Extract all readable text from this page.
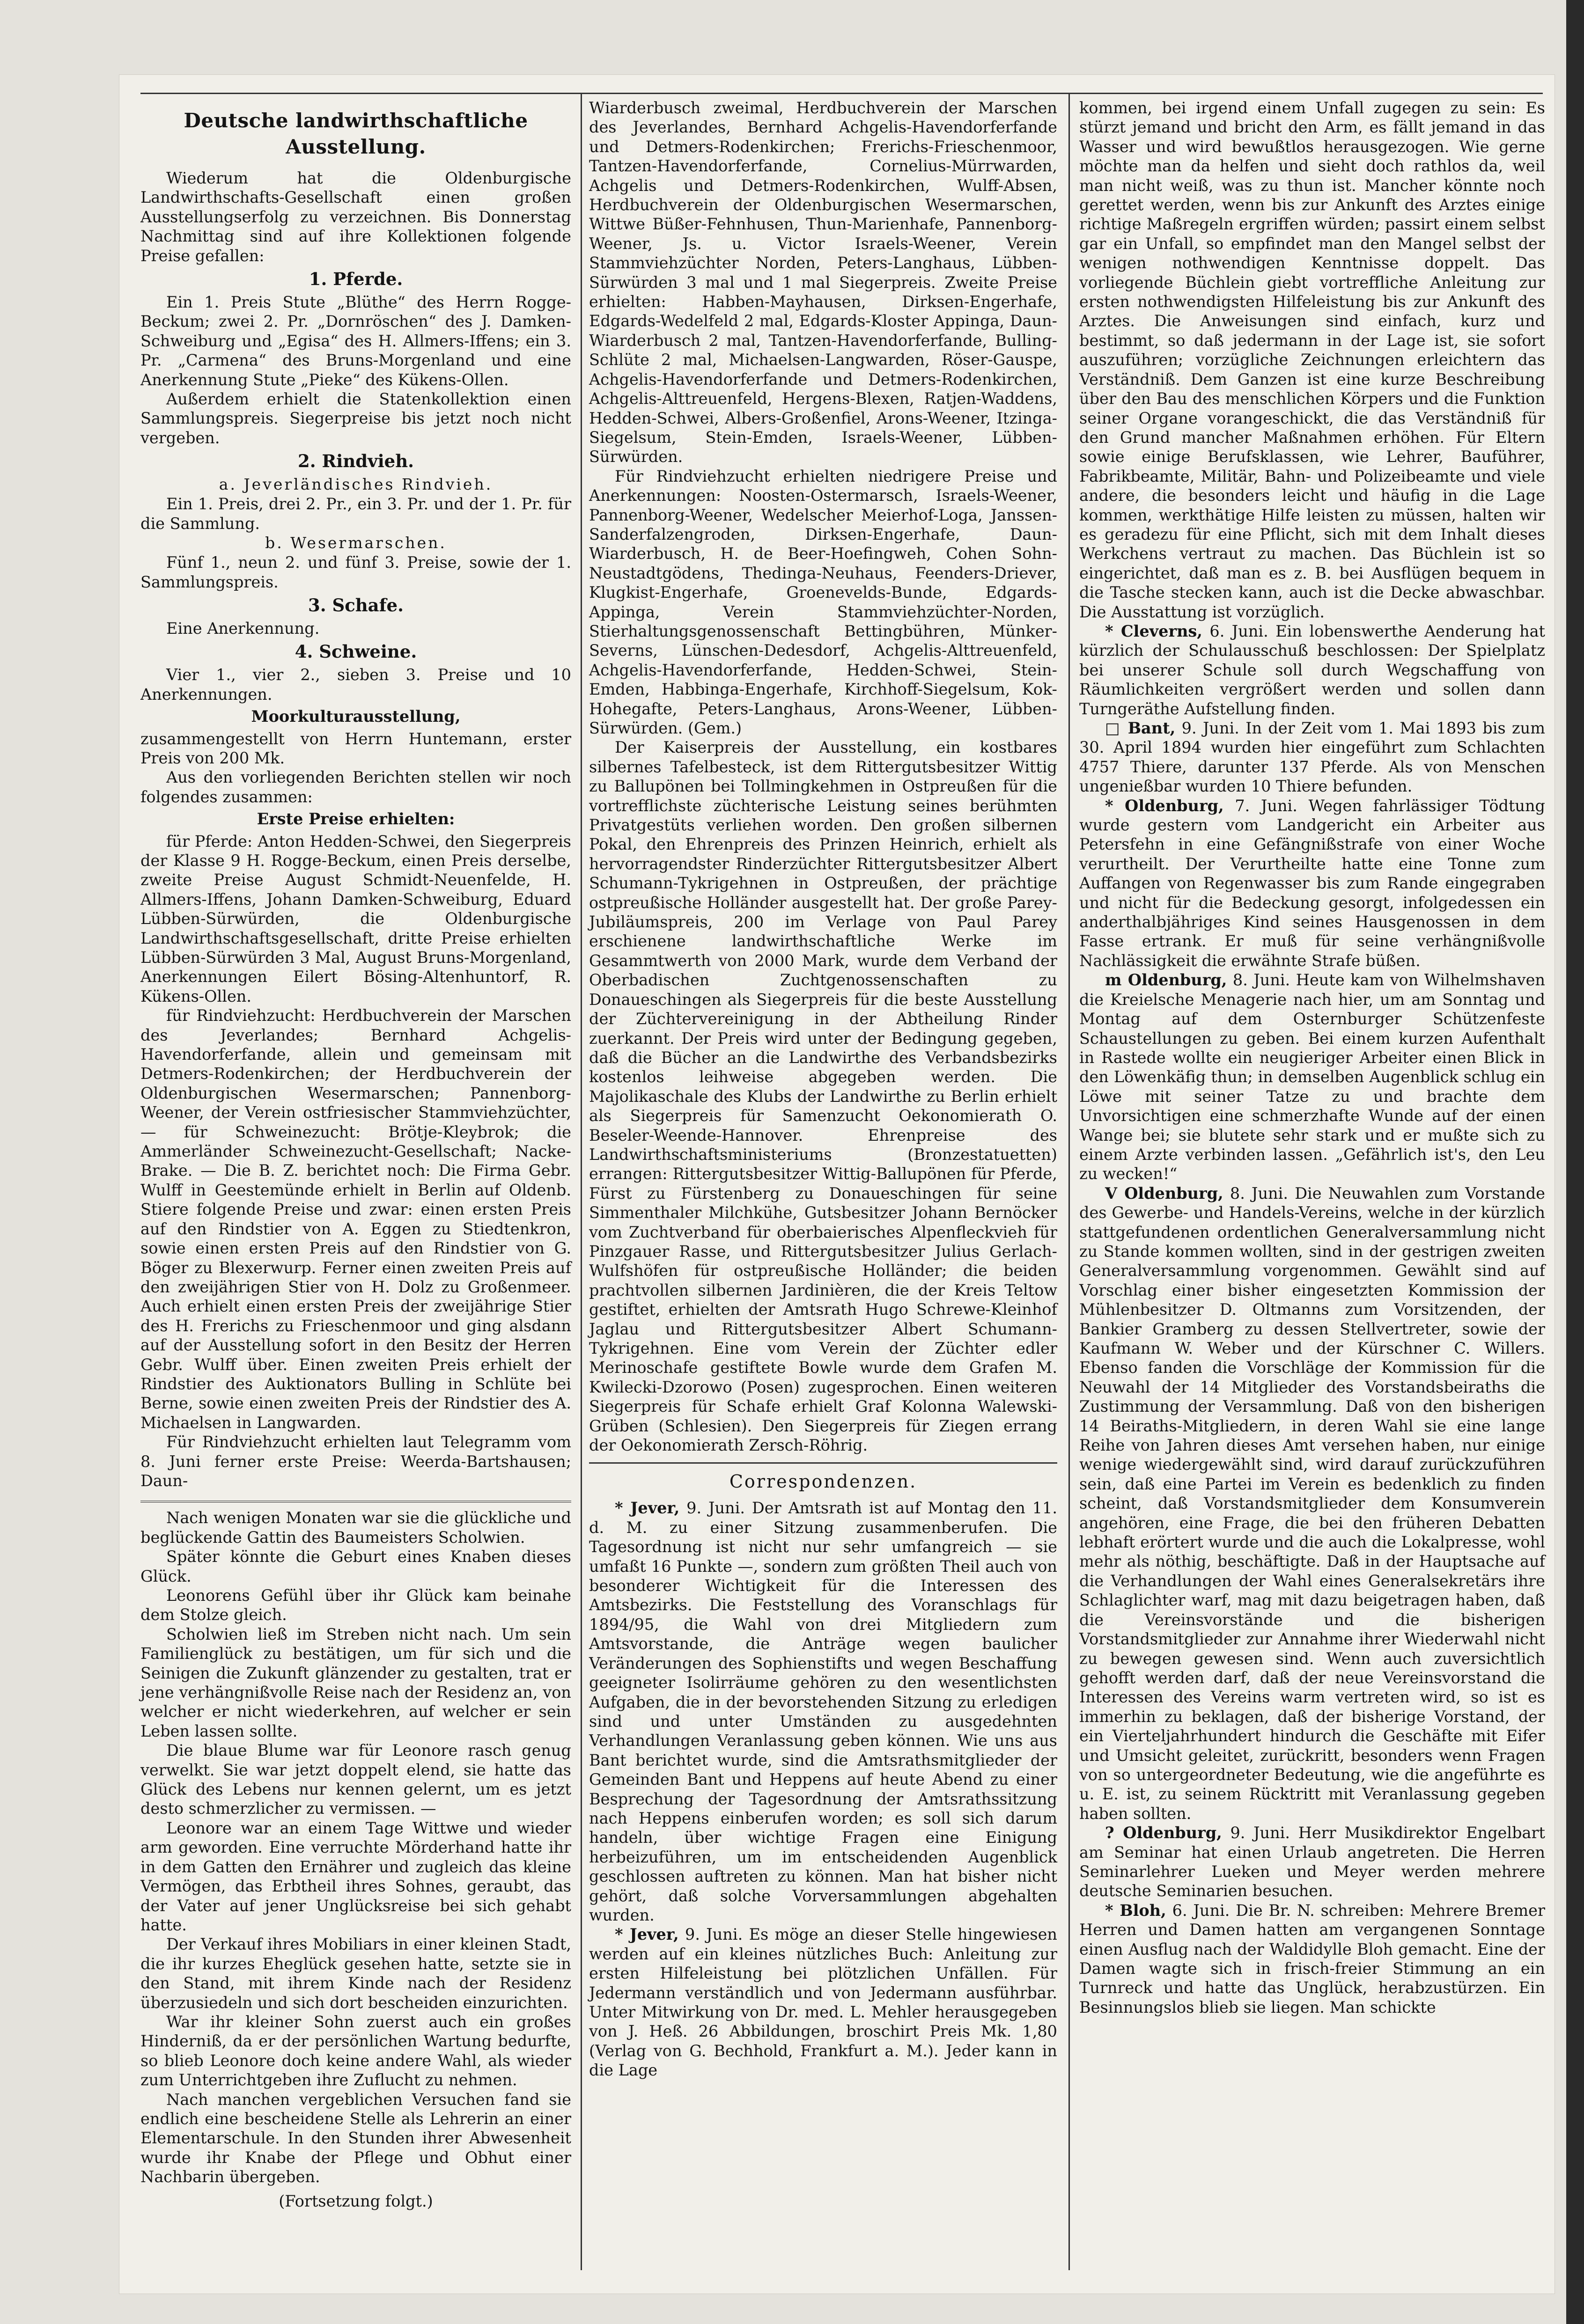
Deutsche landwirthschaftliche Ausstellung.

Wiederum hat die Oldenburgische Landwirthschafts-Gesellschaft einen großen Ausstellungserfolg zu verzeichnen. Bis Donnerstag Nachmittag sind auf ihre Kollektionen folgende Preise gefallen:

1. Pferde.

Ein 1. Preis Stute „Blüthe“ des Herrn Rogge-Beckum; zwei 2. Pr. „Dornröschen“ des J. Damken-Schweiburg und „Egisa“ des H. Allmers-Iffens; ein 3. Pr. „Carmena“ des Bruns-Morgenland und eine Anerkennung Stute „Pieke“ des Kükens-Ollen.

Außerdem erhielt die Statenkollektion einen Sammlungspreis. Siegerpreise bis jetzt noch nicht vergeben.

2. Rindvieh.
a. Jeverländisches Rindvieh.

Ein 1. Preis, drei 2. Pr., ein 3. Pr. und der 1. Pr. für die Sammlung.

b. Wesermarschen.

Fünf 1., neun 2. und fünf 3. Preise, sowie der 1. Sammlungspreis.

3. Schafe.

Eine Anerkennung.

4. Schweine.

Vier 1., vier 2., sieben 3. Preise und 10 Anerkennungen.

Moorkulturausstellung,

zusammengestellt von Herrn Huntemann, erster Preis von 200 Mk.

Aus den vorliegenden Berichten stellen wir noch folgendes zusammen:

Erste Preise erhielten:

für Pferde: Anton Hedden-Schwei, den Siegerpreis der Klasse 9 H. Rogge-Beckum, einen Preis derselbe, zweite Preise August Schmidt-Neuenfelde, H. Allmers-Iffens, Johann Damken-Schweiburg, Eduard Lübben-Sürwürden, die Oldenburgische Landwirthschaftsgesellschaft, dritte Preise erhielten Lübben-Sürwürden 3 Mal, August Bruns-Morgenland, Anerkennungen Eilert Bösing-Altenhuntorf, R. Kükens-Ollen.

für Rindviehzucht: Herdbuchverein der Marschen des Jeverlandes; Bernhard Achgelis-Havendorferfande, allein und gemeinsam mit Detmers-Rodenkirchen; der Herdbuchverein der Oldenburgischen Wesermarschen; Pannenborg-Weener, der Verein ostfriesischer Stammviehzüchter, — für Schweinezucht: Brötje-Kleybrok; die Ammerländer Schweinezucht-Gesellschaft; Nacke-Brake. — Die B. Z. berichtet noch: Die Firma Gebr. Wulff in Geestemünde erhielt in Berlin auf Oldenb. Stiere folgende Preise und zwar: einen ersten Preis auf den Rindstier von A. Eggen zu Stiedtenkron, sowie einen ersten Preis auf den Rindstier von G. Böger zu Blexerwurp. Ferner einen zweiten Preis auf den zweijährigen Stier von H. Dolz zu Großenmeer. Auch erhielt einen ersten Preis der zweijährige Stier des H. Frerichs zu Frieschenmoor und ging alsdann auf der Ausstellung sofort in den Besitz der Herren Gebr. Wulff über. Einen zweiten Preis erhielt der Rindstier des Auktionators Bulling in Schlüte bei Berne, sowie einen zweiten Preis der Rindstier des A. Michaelsen in Langwarden.

Für Rindviehzucht erhielten laut Telegramm vom 8. Juni ferner erste Preise: Weerda-Bartshausen; Daun-

Nach wenigen Monaten war sie die glückliche und beglückende Gattin des Baumeisters Scholwien.

Später könnte die Geburt eines Knaben dieses Glück.

Leonorens Gefühl über ihr Glück kam beinahe dem Stolze gleich.

Scholwien ließ im Streben nicht nach. Um sein Familienglück zu bestätigen, um für sich und die Seinigen die Zukunft glänzender zu gestalten, trat er jene verhängnißvolle Reise nach der Residenz an, von welcher er nicht wiederkehren, auf welcher er sein Leben lassen sollte.

Die blaue Blume war für Leonore rasch genug verwelkt. Sie war jetzt doppelt elend, sie hatte das Glück des Lebens nur kennen gelernt, um es jetzt desto schmerzlicher zu vermissen. —

Leonore war an einem Tage Wittwe und wieder arm geworden. Eine verruchte Mörderhand hatte ihr in dem Gatten den Ernährer und zugleich das kleine Vermögen, das Erbtheil ihres Sohnes, geraubt, das der Vater auf jener Unglücksreise bei sich gehabt hatte.

Der Verkauf ihres Mobiliars in einer kleinen Stadt, die ihr kurzes Eheglück gesehen hatte, setzte sie in den Stand, mit ihrem Kinde nach der Residenz überzusiedeln und sich dort bescheiden einzurichten.

War ihr kleiner Sohn zuerst auch ein großes Hinderniß, da er der persönlichen Wartung bedurfte, so blieb Leonore doch keine andere Wahl, als wieder zum Unterrichtgeben ihre Zuflucht zu nehmen.

Nach manchen vergeblichen Versuchen fand sie endlich eine bescheidene Stelle als Lehrerin an einer Elementarschule. In den Stunden ihrer Abwesenheit wurde ihr Knabe der Pflege und Obhut einer Nachbarin übergeben.

(Fortsetzung folgt.)

Wiarderbusch zweimal, Herdbuchverein der Marschen des Jeverlandes, Bernhard Achgelis-Havendorferfande und Detmers-Rodenkirchen; Frerichs-Frieschenmoor, Tantzen-Havendorferfande, Cornelius-Mürrwarden, Achgelis und Detmers-Rodenkirchen, Wulff-Absen, Herdbuchverein der Oldenburgischen Wesermarschen, Wittwe Büßer-Fehnhusen, Thun-Marienhafe, Pannenborg-Weener, Js. u. Victor Israels-Weener, Verein Stammviehzüchter Norden, Peters-Langhaus, Lübben-Sürwürden 3 mal und 1 mal Siegerpreis. Zweite Preise erhielten: Habben-Mayhausen, Dirksen-Engerhafe, Edgards-Wedelfeld 2 mal, Edgards-Kloster Appinga, Daun-Wiarderbusch 2 mal, Tantzen-Havendorferfande, Bulling-Schlüte 2 mal, Michaelsen-Langwarden, Röser-Gauspe, Achgelis-Havendorferfande und Detmers-Rodenkirchen, Achgelis-Alttreuenfeld, Hergens-Blexen, Ratjen-Waddens, Hedden-Schwei, Albers-Großenfiel, Arons-Weener, Itzinga-Siegelsum, Stein-Emden, Israels-Weener, Lübben-Sürwürden.

Für Rindviehzucht erhielten niedrigere Preise und Anerkennungen: Noosten-Ostermarsch, Israels-Weener, Pannenborg-Weener, Wedelscher Meierhof-Loga, Janssen-Sanderfalzengroden, Dirksen-Engerhafe, Daun-Wiarderbusch, H. de Beer-Hoefingweh, Cohen Sohn-Neustadtgödens, Thedinga-Neuhaus, Feenders-Driever, Klugkist-Engerhafe, Groenevelds-Bunde, Edgards-Appinga, Verein Stammviehzüchter-Norden, Stierhaltungsgenossenschaft Bettingbühren, Münker-Severns, Lünschen-Dedesdorf, Achgelis-Alttreuenfeld, Achgelis-Havendorferfande, Hedden-Schwei, Stein-Emden, Habbinga-Engerhafe, Kirchhoff-Siegelsum, Kok-Hohegafte, Peters-Langhaus, Arons-Weener, Lübben-Sürwürden. (Gem.)

Der Kaiserpreis der Ausstellung, ein kostbares silbernes Tafelbesteck, ist dem Rittergutsbesitzer Wittig zu Ballupönen bei Tollmingkehmen in Ostpreußen für die vortrefflichste züchterische Leistung seines berühmten Privatgestüts verliehen worden. Den großen silbernen Pokal, den Ehrenpreis des Prinzen Heinrich, erhielt als hervorragendster Rinderzüchter Rittergutsbesitzer Albert Schumann-Tykrigehnen in Ostpreußen, der prächtige ostpreußische Holländer ausgestellt hat. Der große Parey-Jubiläumspreis, 200 im Verlage von Paul Parey erschienene landwirthschaftliche Werke im Gesammtwerth von 2000 Mark, wurde dem Verband der Oberbadischen Zuchtgenossenschaften zu Donaueschingen als Siegerpreis für die beste Ausstellung der Züchtervereinigung in der Abtheilung Rinder zuerkannt. Der Preis wird unter der Bedingung gegeben, daß die Bücher an die Landwirthe des Verbandsbezirks kostenlos leihweise abgegeben werden. Die Majolikaschale des Klubs der Landwirthe zu Berlin erhielt als Siegerpreis für Samenzucht Oekonomierath O. Beseler-Weende-Hannover. Ehrenpreise des Landwirthschaftsministeriums (Bronzestatuetten) errangen: Rittergutsbesitzer Wittig-Ballupönen für Pferde, Fürst zu Fürstenberg zu Donaueschingen für seine Simmenthaler Milchkühe, Gutsbesitzer Johann Bernöcker vom Zuchtverband für oberbaierisches Alpenfleckvieh für Pinzgauer Rasse, und Rittergutsbesitzer Julius Gerlach-Wulfshöfen für ostpreußische Holländer; die beiden prachtvollen silbernen Jardinièren, die der Kreis Teltow gestiftet, erhielten der Amtsrath Hugo Schrewe-Kleinhof Jaglau und Rittergutsbesitzer Albert Schumann-Tykrigehnen. Eine vom Verein der Züchter edler Merinoschafe gestiftete Bowle wurde dem Grafen M. Kwilecki-Dzorowo (Posen) zugesprochen. Einen weiteren Siegerpreis für Schafe erhielt Graf Kolonna Walewski-Grüben (Schlesien). Den Siegerpreis für Ziegen errang der Oekonomierath Zersch-Röhrig.

Correspondenzen.

* Jever, 9. Juni. Der Amtsrath ist auf Montag den 11. d. M. zu einer Sitzung zusammenberufen. Die Tagesordnung ist nicht nur sehr umfangreich — sie umfaßt 16 Punkte —, sondern zum größten Theil auch von besonderer Wichtigkeit für die Interessen des Amtsbezirks. Die Feststellung des Voranschlags für 1894/95, die Wahl von drei Mitgliedern zum Amtsvorstande, die Anträge wegen baulicher Veränderungen des Sophienstifts und wegen Beschaffung geeigneter Isolirräume gehören zu den wesentlichsten Aufgaben, die in der bevorstehenden Sitzung zu erledigen sind und unter Umständen zu ausgedehnten Verhandlungen Veranlassung geben können. Wie uns aus Bant berichtet wurde, sind die Amtsrathsmitglieder der Gemeinden Bant und Heppens auf heute Abend zu einer Besprechung der Tagesordnung der Amtsrathssitzung nach Heppens einberufen worden; es soll sich darum handeln, über wichtige Fragen eine Einigung herbeizuführen, um im entscheidenden Augenblick geschlossen auftreten zu können. Man hat bisher nicht gehört, daß solche Vorversammlungen abgehalten wurden.

* Jever, 9. Juni. Es möge an dieser Stelle hingewiesen werden auf ein kleines nützliches Buch: Anleitung zur ersten Hilfeleistung bei plötzlichen Unfällen. Für Jedermann verständlich und von Jedermann ausführbar. Unter Mitwirkung von Dr. med. L. Mehler herausgegeben von J. Heß. 26 Abbildungen, broschirt Preis Mk. 1,80 (Verlag von G. Bechhold, Frankfurt a. M.). Jeder kann in die Lage

kommen, bei irgend einem Unfall zugegen zu sein: Es stürzt jemand und bricht den Arm, es fällt jemand in das Wasser und wird bewußtlos herausgezogen. Wie gerne möchte man da helfen und sieht doch rathlos da, weil man nicht weiß, was zu thun ist. Mancher könnte noch gerettet werden, wenn bis zur Ankunft des Arztes einige richtige Maßregeln ergriffen würden; passirt einem selbst gar ein Unfall, so empfindet man den Mangel selbst der wenigen nothwendigen Kenntnisse doppelt. Das vorliegende Büchlein giebt vortreffliche Anleitung zur ersten nothwendigsten Hilfeleistung bis zur Ankunft des Arztes. Die Anweisungen sind einfach, kurz und bestimmt, so daß jedermann in der Lage ist, sie sofort auszuführen; vorzügliche Zeichnungen erleichtern das Verständniß. Dem Ganzen ist eine kurze Beschreibung über den Bau des menschlichen Körpers und die Funktion seiner Organe vorangeschickt, die das Verständniß für den Grund mancher Maßnahmen erhöhen. Für Eltern sowie einige Berufsklassen, wie Lehrer, Bauführer, Fabrikbeamte, Militär, Bahn- und Polizeibeamte und viele andere, die besonders leicht und häufig in die Lage kommen, werkthätige Hilfe leisten zu müssen, halten wir es geradezu für eine Pflicht, sich mit dem Inhalt dieses Werkchens vertraut zu machen. Das Büchlein ist so eingerichtet, daß man es z. B. bei Ausflügen bequem in die Tasche stecken kann, auch ist die Decke abwaschbar. Die Ausstattung ist vorzüglich.

* Cleverns, 6. Juni. Ein lobenswerthe Aenderung hat kürzlich der Schulausschuß beschlossen: Der Spielplatz bei unserer Schule soll durch Wegschaffung von Räumlichkeiten vergrößert werden und sollen dann Turngeräthe Aufstellung finden.

□ Bant, 9. Juni. In der Zeit vom 1. Mai 1893 bis zum 30. April 1894 wurden hier eingeführt zum Schlachten 4757 Thiere, darunter 137 Pferde. Als von Menschen ungenießbar wurden 10 Thiere befunden.

* Oldenburg, 7. Juni. Wegen fahrlässiger Tödtung wurde gestern vom Landgericht ein Arbeiter aus Petersfehn in eine Gefängnißstrafe von einer Woche verurtheilt. Der Verurtheilte hatte eine Tonne zum Auffangen von Regenwasser bis zum Rande eingegraben und nicht für die Bedeckung gesorgt, infolgedessen ein anderthalbjähriges Kind seines Hausgenossen in dem Fasse ertrank. Er muß für seine verhängnißvolle Nachlässigkeit die erwähnte Strafe büßen.

m Oldenburg, 8. Juni. Heute kam von Wilhelmshaven die Kreielsche Menagerie nach hier, um am Sonntag und Montag auf dem Osternburger Schützenfeste Schaustellungen zu geben. Bei einem kurzen Aufenthalt in Rastede wollte ein neugieriger Arbeiter einen Blick in den Löwenkäfig thun; in demselben Augenblick schlug ein Löwe mit seiner Tatze zu und brachte dem Unvorsichtigen eine schmerzhafte Wunde auf der einen Wange bei; sie blutete sehr stark und er mußte sich zu einem Arzte verbinden lassen. „Gefährlich ist's, den Leu zu wecken!“

V Oldenburg, 8. Juni. Die Neuwahlen zum Vorstande des Gewerbe- und Handels-Vereins, welche in der kürzlich stattgefundenen ordentlichen Generalversammlung nicht zu Stande kommen wollten, sind in der gestrigen zweiten Generalversammlung vorgenommen. Gewählt sind auf Vorschlag einer bisher eingesetzten Kommission der Mühlenbesitzer D. Oltmanns zum Vorsitzenden, der Bankier Gramberg zu dessen Stellvertreter, sowie der Kaufmann W. Weber und der Kürschner C. Willers. Ebenso fanden die Vorschläge der Kommission für die Neuwahl der 14 Mitglieder des Vorstandsbeiraths die Zustimmung der Versammlung. Daß von den bisherigen 14 Beiraths-Mitgliedern, in deren Wahl sie eine lange Reihe von Jahren dieses Amt versehen haben, nur einige wenige wiedergewählt sind, wird darauf zurückzuführen sein, daß eine Partei im Verein es bedenklich zu finden scheint, daß Vorstandsmitglieder dem Konsumverein angehören, eine Frage, die bei den früheren Debatten lebhaft erörtert wurde und die auch die Lokalpresse, wohl mehr als nöthig, beschäftigte. Daß in der Hauptsache auf die Verhandlungen der Wahl eines Generalsekretärs ihre Schlaglichter warf, mag mit dazu beigetragen haben, daß die Vereinsvorstände und die bisherigen Vorstandsmitglieder zur Annahme ihrer Wiederwahl nicht zu bewegen gewesen sind. Wenn auch zuversichtlich gehofft werden darf, daß der neue Vereinsvorstand die Interessen des Vereins warm vertreten wird, so ist es immerhin zu beklagen, daß der bisherige Vorstand, der ein Vierteljahrhundert hindurch die Geschäfte mit Eifer und Umsicht geleitet, zurückritt, besonders wenn Fragen von so untergeordneter Bedeutung, wie die angeführte es u. E. ist, zu seinem Rücktritt mit Veranlassung gegeben haben sollten.

? Oldenburg, 9. Juni. Herr Musikdirektor Engelbart am Seminar hat einen Urlaub angetreten. Die Herren Seminarlehrer Lueken und Meyer werden mehrere deutsche Seminarien besuchen.

* Bloh, 6. Juni. Die Br. N. schreiben: Mehrere Bremer Herren und Damen hatten am vergangenen Sonntage einen Ausflug nach der Waldidylle Bloh gemacht. Eine der Damen wagte sich in frisch-freier Stimmung an ein Turnreck und hatte das Unglück, herabzustürzen. Ein Besinnungslos blieb sie liegen. Man schickte
